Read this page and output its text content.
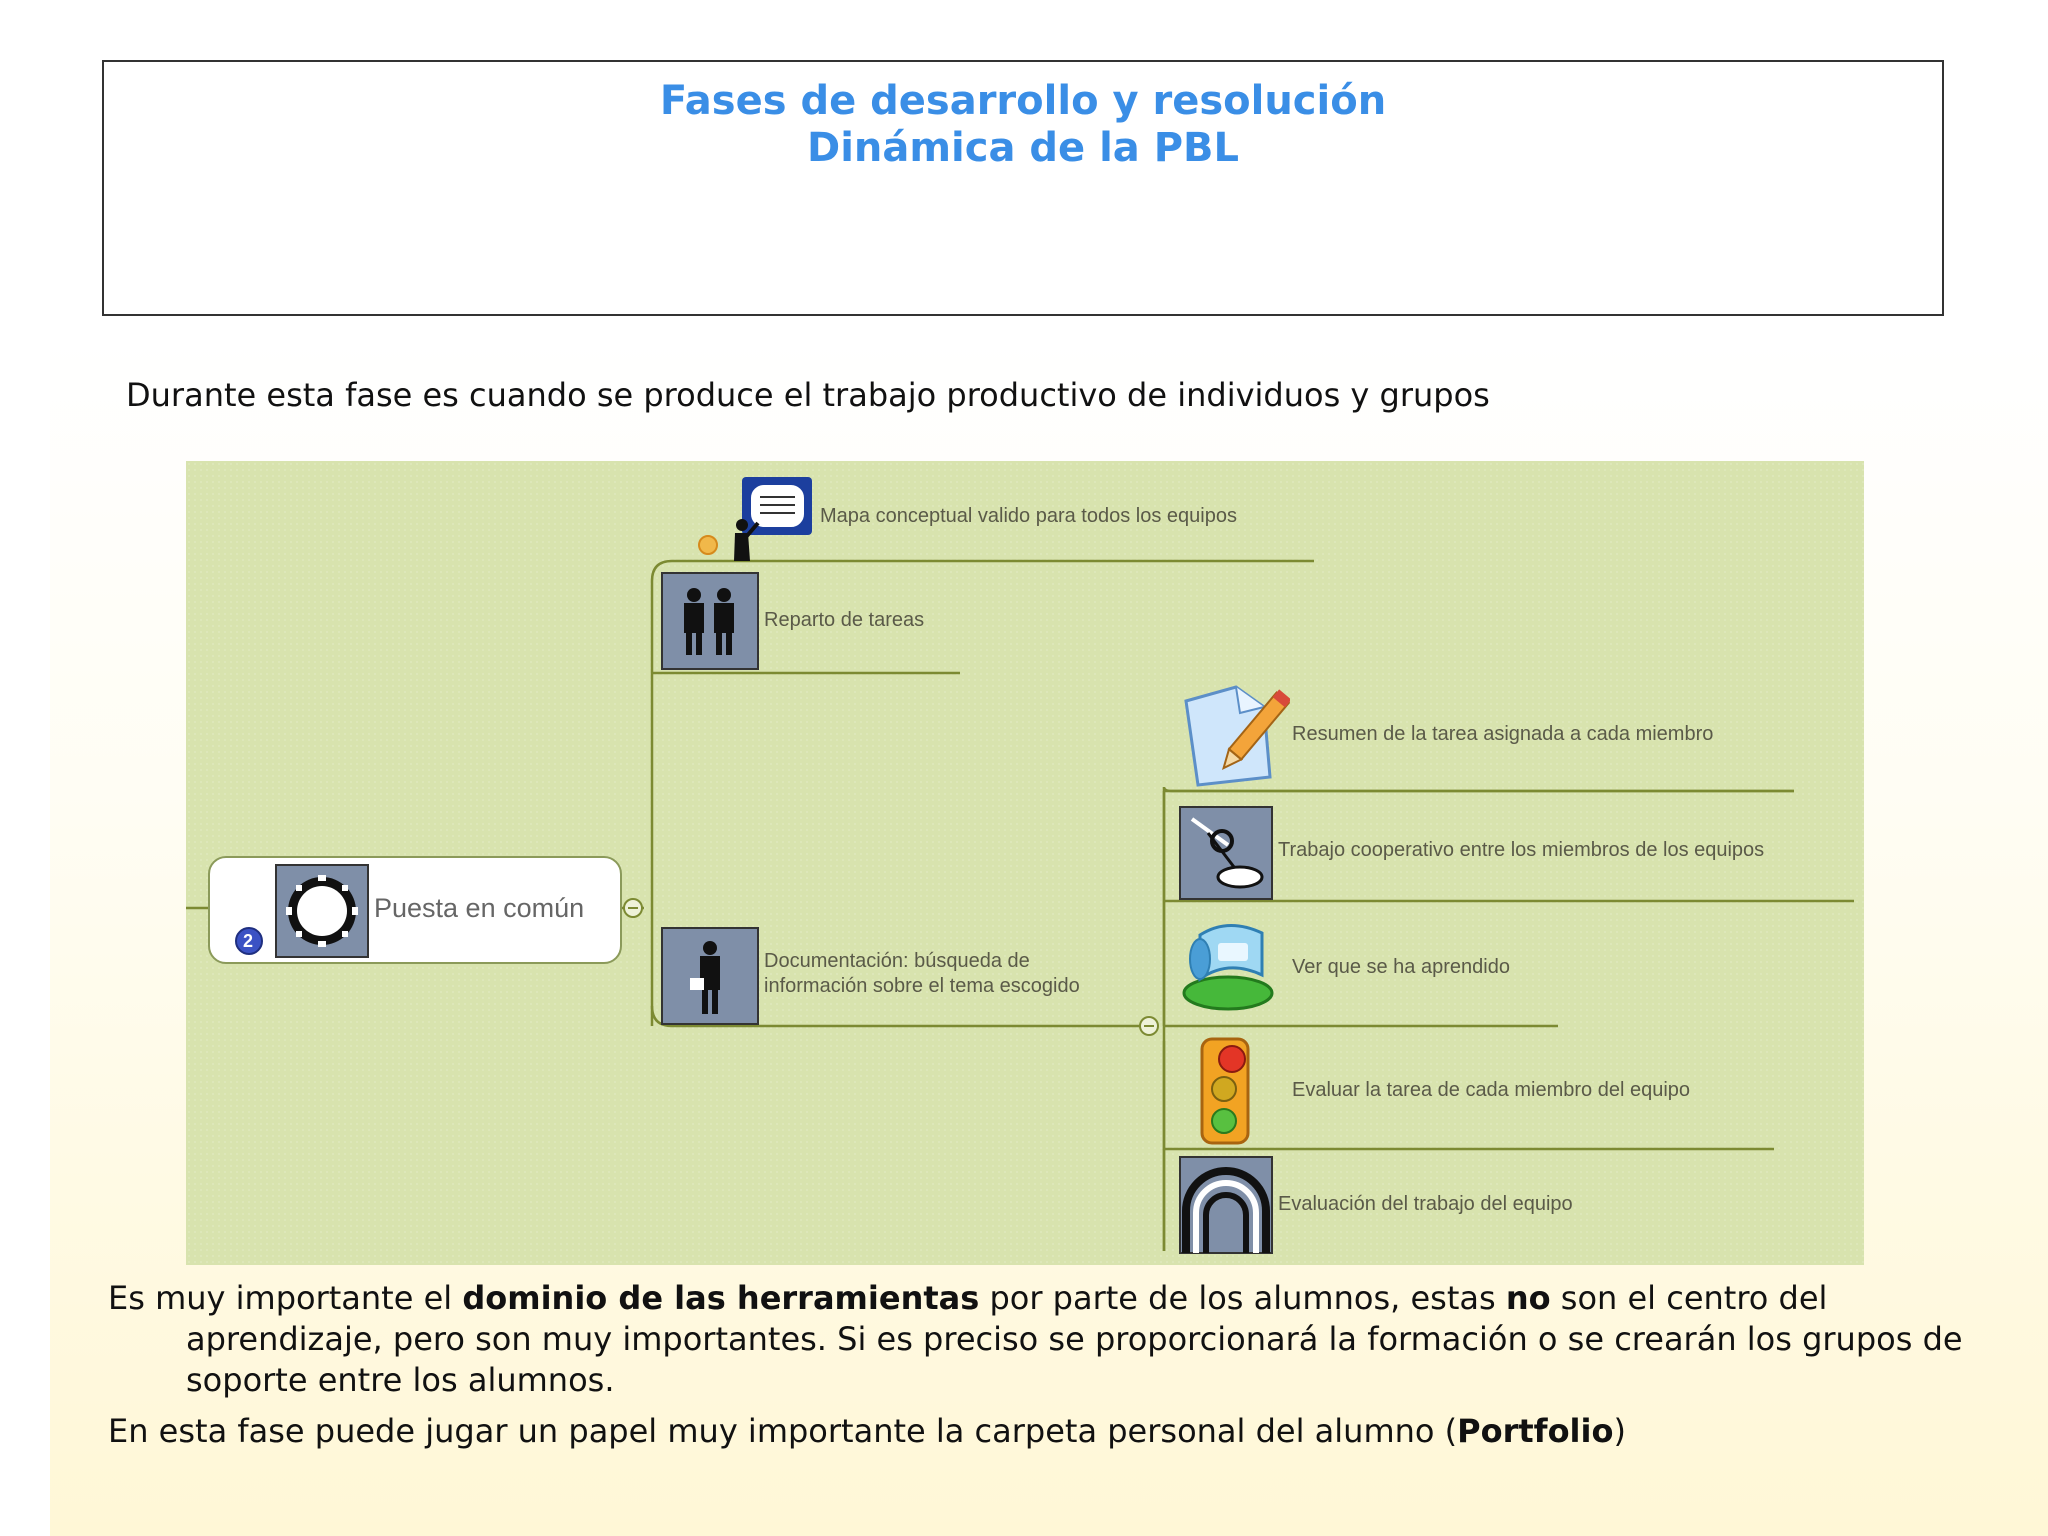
Fases de desarrollo y resolución
Dinámica de la PBL
Durante esta fase es cuando se produce el trabajo productivo de individuos y grupos
2
Puesta en común
Mapa conceptual valido para todos los equipos
Reparto de tareas
Documentación: búsqueda de
información sobre el tema escogido
Resumen de la tarea asignada a cada miembro
Trabajo cooperativo entre los miembros de los equipos
Ver que se ha aprendido
Evaluar la tarea de cada miembro del equipo
Evaluación del trabajo del equipo

Es muy importante el dominio de las herramientas por parte de los alumnos, estas no son el centro del aprendizaje, pero son muy importantes. Si es preciso se proporcionará la formación o se crearán los grupos de soporte entre los alumnos.

En esta fase puede jugar un papel muy importante la carpeta personal del alumno (Portfolio)
